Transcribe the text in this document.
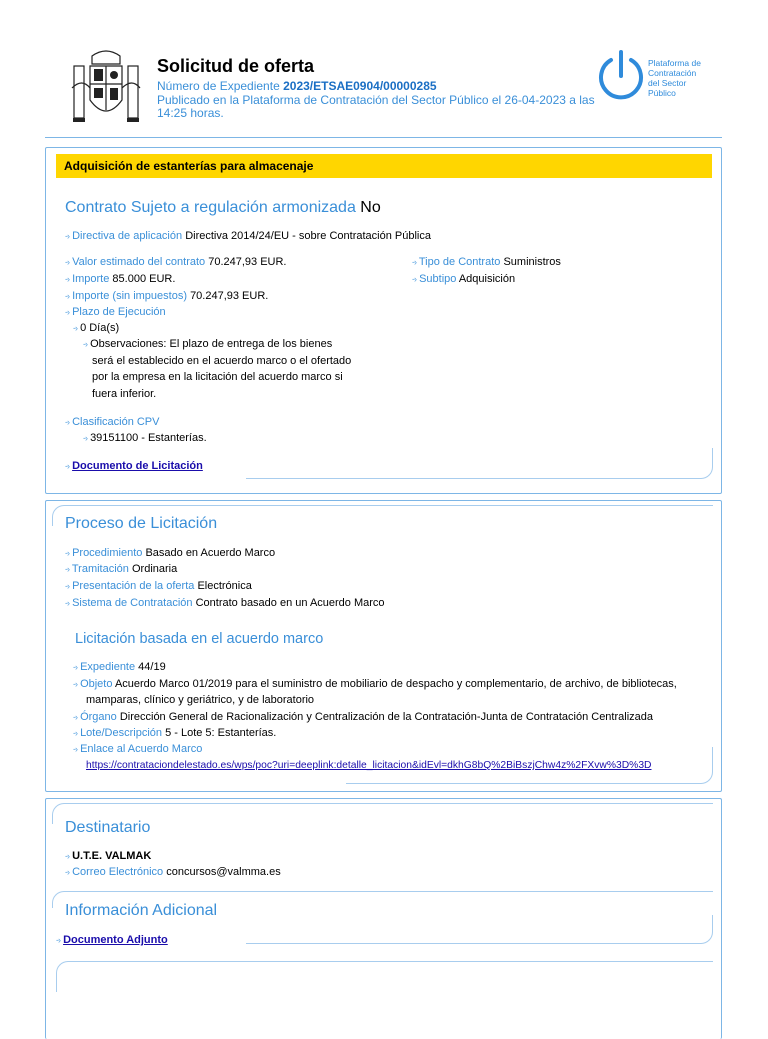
Solicitud de oferta
Número de Expediente 2023/ETSAE0904/00000285
Publicado en la Plataforma de Contratación del Sector Público el 26-04-2023 a las 14:25 horas.
Plataforma de
Contratación
del Sector
Público
Adquisición de estanterías para almacenaje
Contrato Sujeto a regulación armonizada No
‑› Directiva de aplicación Directiva 2014/24/EU - sobre Contratación Pública
‑› Valor estimado del contrato 70.247,93 EUR.
‑› Importe 85.000 EUR.
‑› Importe (sin impuestos) 70.247,93 EUR.
‑› Plazo de Ejecución
‑› 0 Día(s)
‑› Observaciones: El plazo de entrega de los bienes
será el establecido en el acuerdo marco o el ofertado
por la empresa en la licitación del acuerdo marco si
fuera inferior.
‑› Tipo de Contrato Suministros
‑› Subtipo Adquisición
‑› Clasificación CPV
‑› 39151100 - Estanterías.
‑› Documento de Licitación
Proceso de Licitación
‑› Procedimiento Basado en Acuerdo Marco
‑› Tramitación Ordinaria
‑› Presentación de la oferta Electrónica
‑› Sistema de Contratación Contrato basado en un Acuerdo Marco
Licitación basada en el acuerdo marco
‑› Expediente 44/19
‑› Objeto Acuerdo Marco 01/2019 para el suministro de mobiliario de despacho y complementario, de archivo, de bibliotecas,
mamparas, clínico y geriátrico, y de laboratorio
‑› Órgano Dirección General de Racionalización y Centralización de la Contratación-Junta de Contratación Centralizada
‑› Lote/Descripción 5 - Lote 5: Estanterías.
‑› Enlace al Acuerdo Marco
https://contrataciondelestado.es/wps/poc?uri=deeplink:detalle_licitacion&idEvl=dkhG8bQ%2BiBszjChw4z%2FXvw%3D%3D
Destinatario
‑› U.T.E. VALMAK
‑› Correo Electrónico concursos@valmma.es
Información Adicional
‑› Documento Adjunto
